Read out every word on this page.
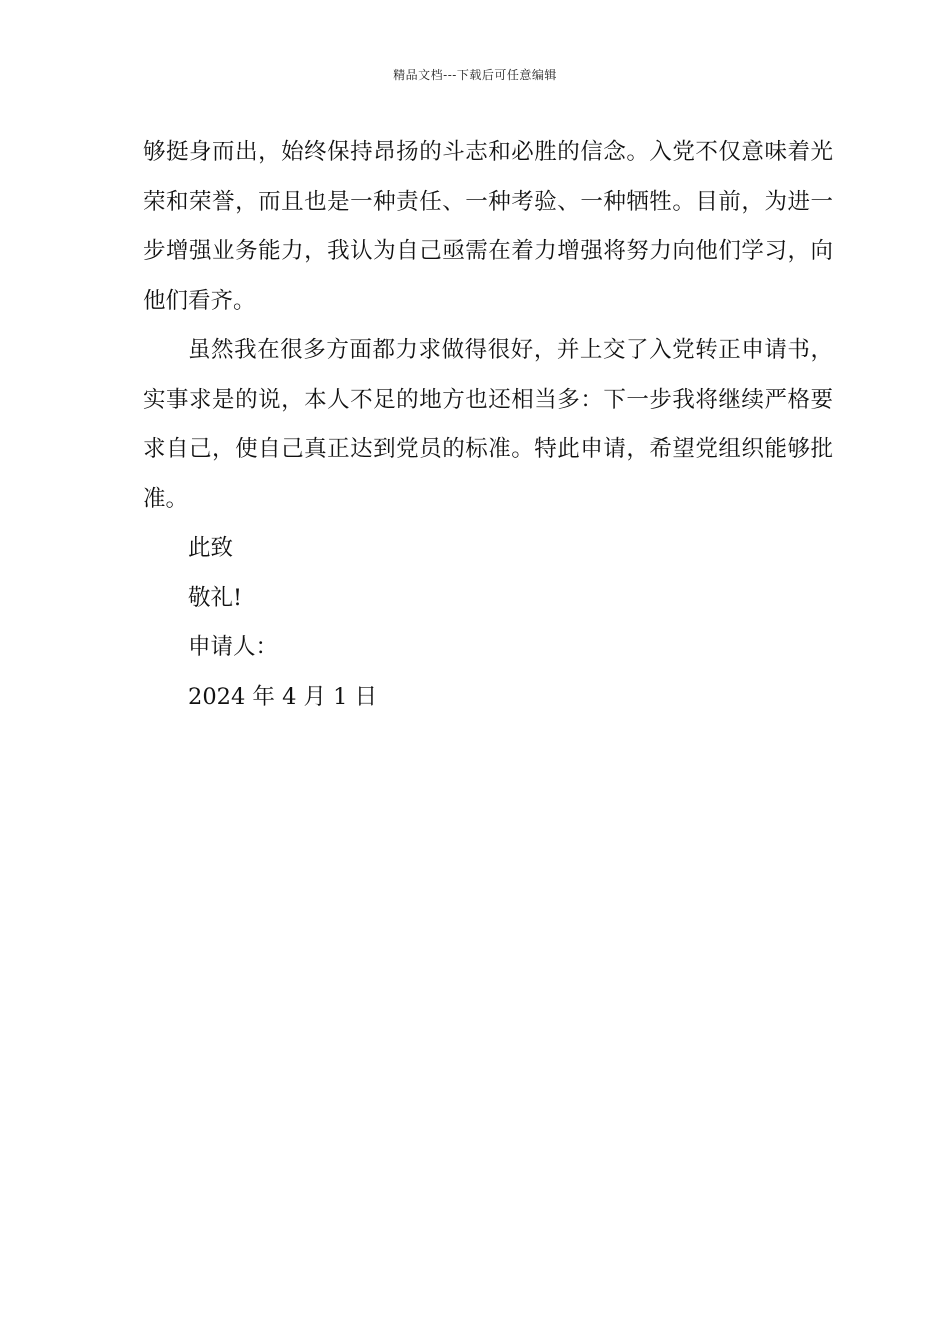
精品文档---下载后可任意编辑

够挺身而出，始终保持昂扬的斗志和必胜的信念。入党不仅意味着光荣和荣誉，而且也是一种责任、一种考验、一种牺牲。目前，为进一步增强业务能力，我认为自己亟需在着力增强将努力向他们学习，向他们看齐。

虽然我在很多方面都力求做得很好，并上交了入党转正申请书，实事求是的说，本人不足的地方也还相当多：下一步我将继续严格要求自己，使自己真正达到党员的标准。特此申请，希望党组织能够批准。

此致

敬礼!

申请人：

2024 年 4 月 1 日
